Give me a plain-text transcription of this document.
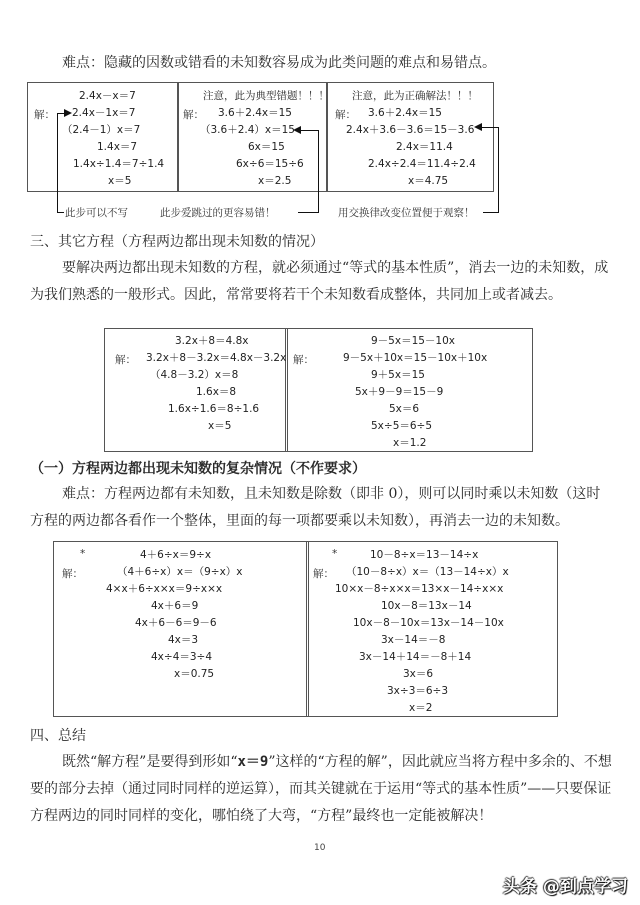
难点：隐藏的因数或错看的未知数容易成为此类问题的难点和易错点。
解：
2.4x－x＝7
2.4x－1x＝7
（2.4－1）x＝7
1.4x＝7
1.4x÷1.4＝7÷1.4
x＝5
注意，此为典型错题！！！
解： 3.6＋2.4x＝15
（3.6＋2.4）x＝15
6x＝15
6x÷6＝15÷6
x＝2.5
注意，此为正确解法！！！
解： 3.6＋2.4x＝15
2.4x＋3.6－3.6＝15－3.6
2.4x＝11.4
2.4x÷2.4＝11.4÷2.4
x＝4.75
此步可以不写	此步爱跳过的更容易错！	用交换律改变位置便于观察！
三、其它方程（方程两边都出现未知数的情况）
要解决两边都出现未知数的方程，就必须通过“等式的基本性质”，消去一边的未知数，成为我们熟悉的一般形式。因此，常常要将若干个未知数看成整体，共同加上或者减去。
解：
3.2x＋8＝4.8x
3.2x＋8－3.2x＝4.8x－3.2x
（4.8－3.2）x＝8
1.6x＝8
1.6x÷1.6＝8÷1.6
x＝5
解：
9－5x＝15－10x
9－5x＋10x＝15－10x＋10x
9＋5x＝15
5x＋9－9＝15－9
5x＝6
5x÷5＝6÷5
x＝1.2
（一）方程两边都出现未知数的复杂情况（不作要求）
难点：方程两边都有未知数，且未知数是除数（即非 0），则可以同时乘以未知数（这时方程的两边都各看作一个整体，里面的每一项都要乘以未知数），再消去一边的未知数。
*
解：
4＋6÷x＝9÷x
（4＋6÷x）x＝（9÷x）x
4×x＋6÷x×x＝9÷x×x
4x＋6＝9
4x＋6－6＝9－6
4x＝3
4x÷4＝3÷4
x＝0.75
*
解：
10－8÷x＝13－14÷x
（10－8÷x）x＝（13－14÷x）x
10×x－8÷x×x＝13×x－14÷x×x
10x－8＝13x－14
10x－8－10x＝13x－14－10x
3x－14＝－8
3x－14＋14＝－8＋14
3x＝6
3x÷3＝6÷3
x＝2
四、总结
既然“解方程”是要得到形如“x＝9”这样的“方程的解”，因此就应当将方程中多余的、不想要的部分去掉（通过同时同样的逆运算），而其关键就在于运用“等式的基本性质”——只要保证方程两边的同时同样的变化，哪怕绕了大弯，“方程”最终也一定能被解决！
10
头条 @到点学习
